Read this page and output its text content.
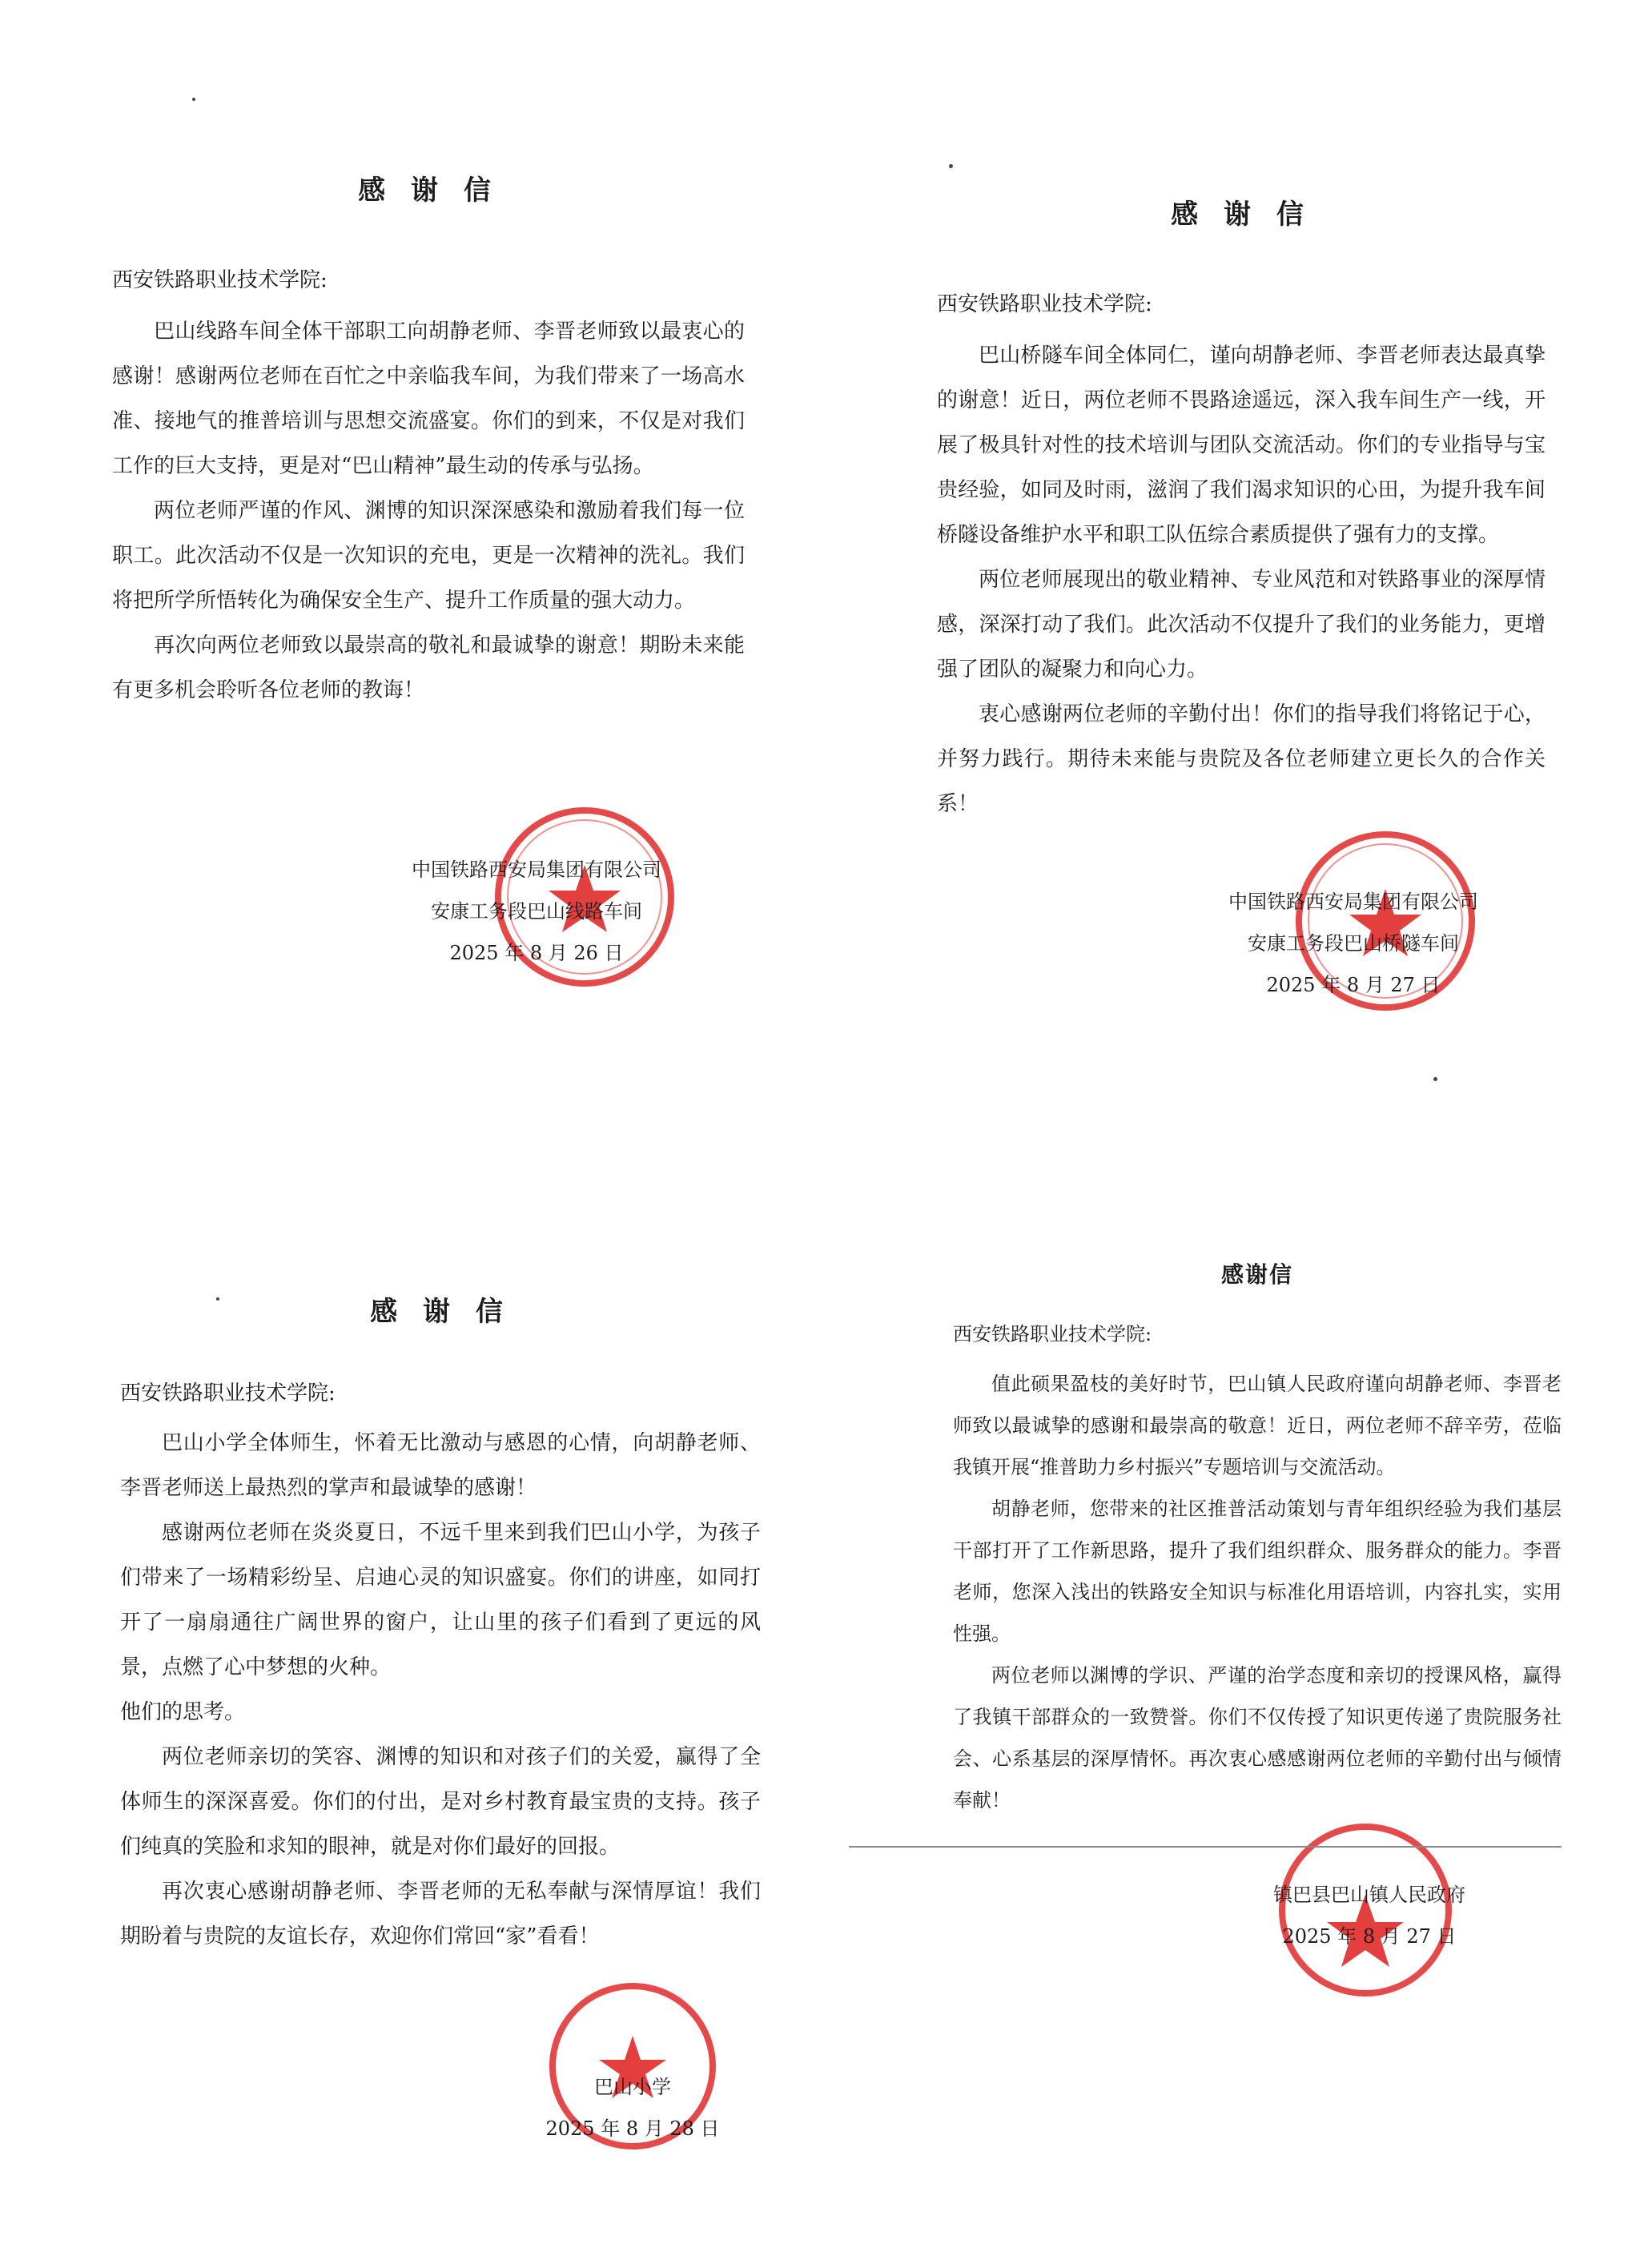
感 谢 信

西安铁路职业技术学院:

巴山线路车间全体干部职工向胡静老师、李晋老师致以最衷心的感谢！感谢两位老师在百忙之中亲临我车间，为我们带来了一场高水准、接地气的推普培训与思想交流盛宴。你们的到来，不仅是对我们工作的巨大支持，更是对“巴山精神”最生动的传承与弘扬。

两位老师严谨的作风、渊博的知识深深感染和激励着我们每一位职工。此次活动不仅是一次知识的充电，更是一次精神的洗礼。我们将把所学所悟转化为确保安全生产、提升工作质量的强大动力。

再次向两位老师致以最崇高的敬礼和最诚挚的谢意！期盼未来能有更多机会聆听各位老师的教诲！

中国铁路西安局集团有限公司
安康工务段巴山线路车间
2025 年 8 月 26 日
感 谢 信

西安铁路职业技术学院:

巴山桥隧车间全体同仁，谨向胡静老师、李晋老师表达最真挚的谢意！近日，两位老师不畏路途遥远，深入我车间生产一线，开展了极具针对性的技术培训与团队交流活动。你们的专业指导与宝贵经验，如同及时雨，滋润了我们渴求知识的心田，为提升我车间桥隧设备维护水平和职工队伍综合素质提供了强有力的支撑。

两位老师展现出的敬业精神、专业风范和对铁路事业的深厚情感，深深打动了我们。此次活动不仅提升了我们的业务能力，更增强了团队的凝聚力和向心力。

衷心感谢两位老师的辛勤付出！你们的指导我们将铭记于心，并努力践行。期待未来能与贵院及各位老师建立更长久的合作关系！

中国铁路西安局集团有限公司
安康工务段巴山桥隧车间
2025 年 8 月 27 日
感 谢 信

西安铁路职业技术学院:

巴山小学全体师生，怀着无比激动与感恩的心情，向胡静老师、李晋老师送上最热烈的掌声和最诚挚的感谢！

感谢两位老师在炎炎夏日，不远千里来到我们巴山小学，为孩子们带来了一场精彩纷呈、启迪心灵的知识盛宴。你们的讲座，如同打开了一扇扇通往广阔世界的窗户，让山里的孩子们看到了更远的风景，点燃了心中梦想的火种。

他们的思考。

两位老师亲切的笑容、渊博的知识和对孩子们的关爱，赢得了全体师生的深深喜爱。你们的付出，是对乡村教育最宝贵的支持。孩子们纯真的笑脸和求知的眼神，就是对你们最好的回报。

再次衷心感谢胡静老师、李晋老师的无私奉献与深情厚谊！我们期盼着与贵院的友谊长存，欢迎你们常回“家”看看！

巴山小学
2025 年 8 月 28 日
感谢信

西安铁路职业技术学院:

值此硕果盈枝的美好时节，巴山镇人民政府谨向胡静老师、李晋老师致以最诚挚的感谢和最崇高的敬意！近日，两位老师不辞辛劳，莅临我镇开展“推普助力乡村振兴”专题培训与交流活动。

胡静老师，您带来的社区推普活动策划与青年组织经验为我们基层干部打开了工作新思路，提升了我们组织群众、服务群众的能力。李晋老师，您深入浅出的铁路安全知识与标准化用语培训，内容扎实，实用性强。

两位老师以渊博的学识、严谨的治学态度和亲切的授课风格，赢得了我镇干部群众的一致赞誉。你们不仅传授了知识更传递了贵院服务社会、心系基层的深厚情怀。再次衷心感感谢两位老师的辛勤付出与倾情奉献！

镇巴县巴山镇人民政府
2025 年 8 月 27 日
